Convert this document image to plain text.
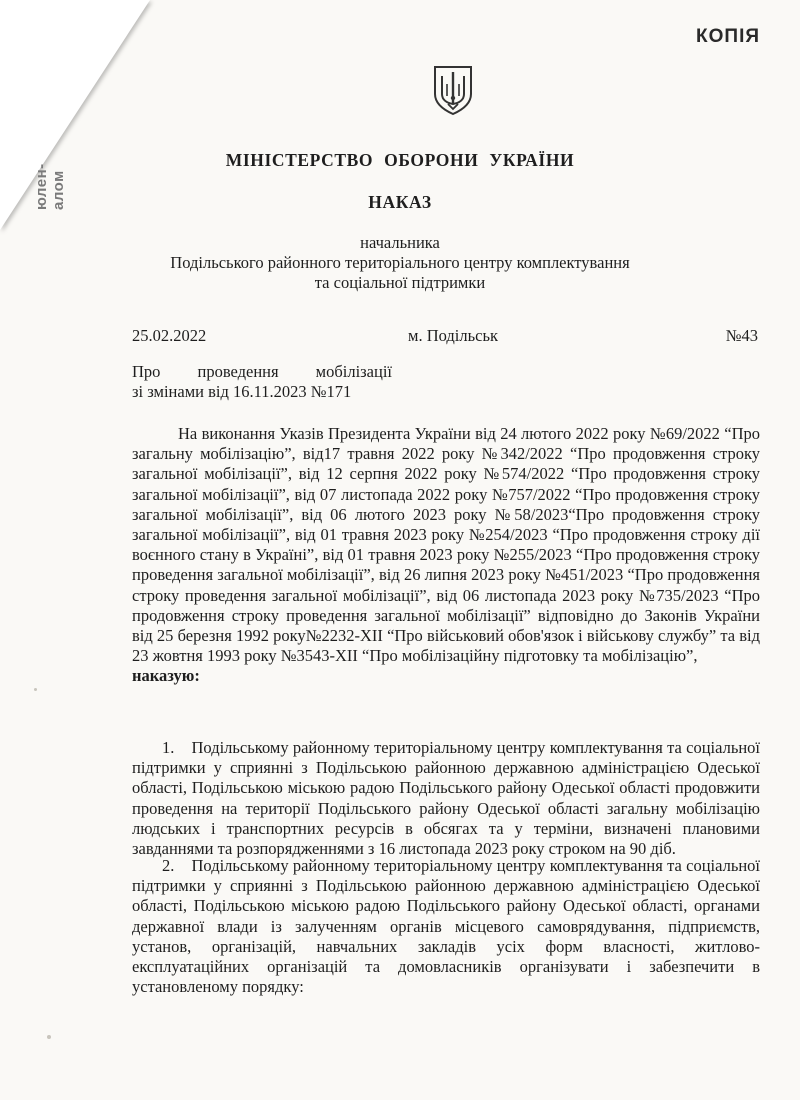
юленалом
КОПІЯ
МІНІСТЕРСТВО ОБОРОНИ УКРАЇНИ
НАКАЗ
начальника
Подільського районного територіального центру комплектування
та соціальної підтримки
25.02.2022	м. Подільськ	№43
Про проведення мобілізації
зі змінами від 16.11.2023 №171
На виконання Указів Президента України від 24 лютого 2022 року №69/2022 “Про загальну мобілізацію”, від17 травня 2022 року №342/2022 “Про продовження строку загальної мобілізації”, від 12 серпня 2022 року №574/2022 “Про продовження строку загальної мобілізації”, від 07 листопада 2022 року №757/2022 “Про продовження строку загальної мобілізації”, від 06 лютого 2023 року №58/2023“Про продовження строку загальної мобілізації”, від 01 травня 2023 року №254/2023 “Про продовження строку дії воєнного стану в Україні”, від 01 травня 2023 року №255/2023 “Про продовження строку проведення загальної мобілізації”, від 26 липня 2023 року №451/2023 “Про продовження строку проведення загальної мобілізації”, від 06 листопада 2023 року №735/2023 “Про продовження строку проведення загальної мобілізації” відповідно до Законів України від 25 березня 1992 року№2232-XII “Про військовий обов'язок і військову службу” та від 23 жовтня 1993 року №3543-XII “Про мобілізаційну підготовку та мобілізацію”,
наказую:
1. Подільському районному територіальному центру комплектування та соціальної підтримки у сприянні з Подільською районною державною адміністрацією Одеської області, Подільською міською радою Подільського району Одеської області продовжити проведення на території Подільського району Одеської області загальну мобілізацію людських і транспортних ресурсів в обсягах та у терміни, визначені плановими завданнями та розпорядженнями з 16 листопада 2023 року строком на 90 діб.
2. Подільському районному територіальному центру комплектування та соціальної підтримки у сприянні з Подільською районною державною адміністрацією Одеської області, Подільською міською радою Подільського району Одеської області, органами державної влади із залученням органів місцевого самоврядування, підприємств, установ, організацій, навчальних закладів усіх форм власності, житлово-експлуатаційних організацій та домовласників організувати і забезпечити в установленому порядку:
